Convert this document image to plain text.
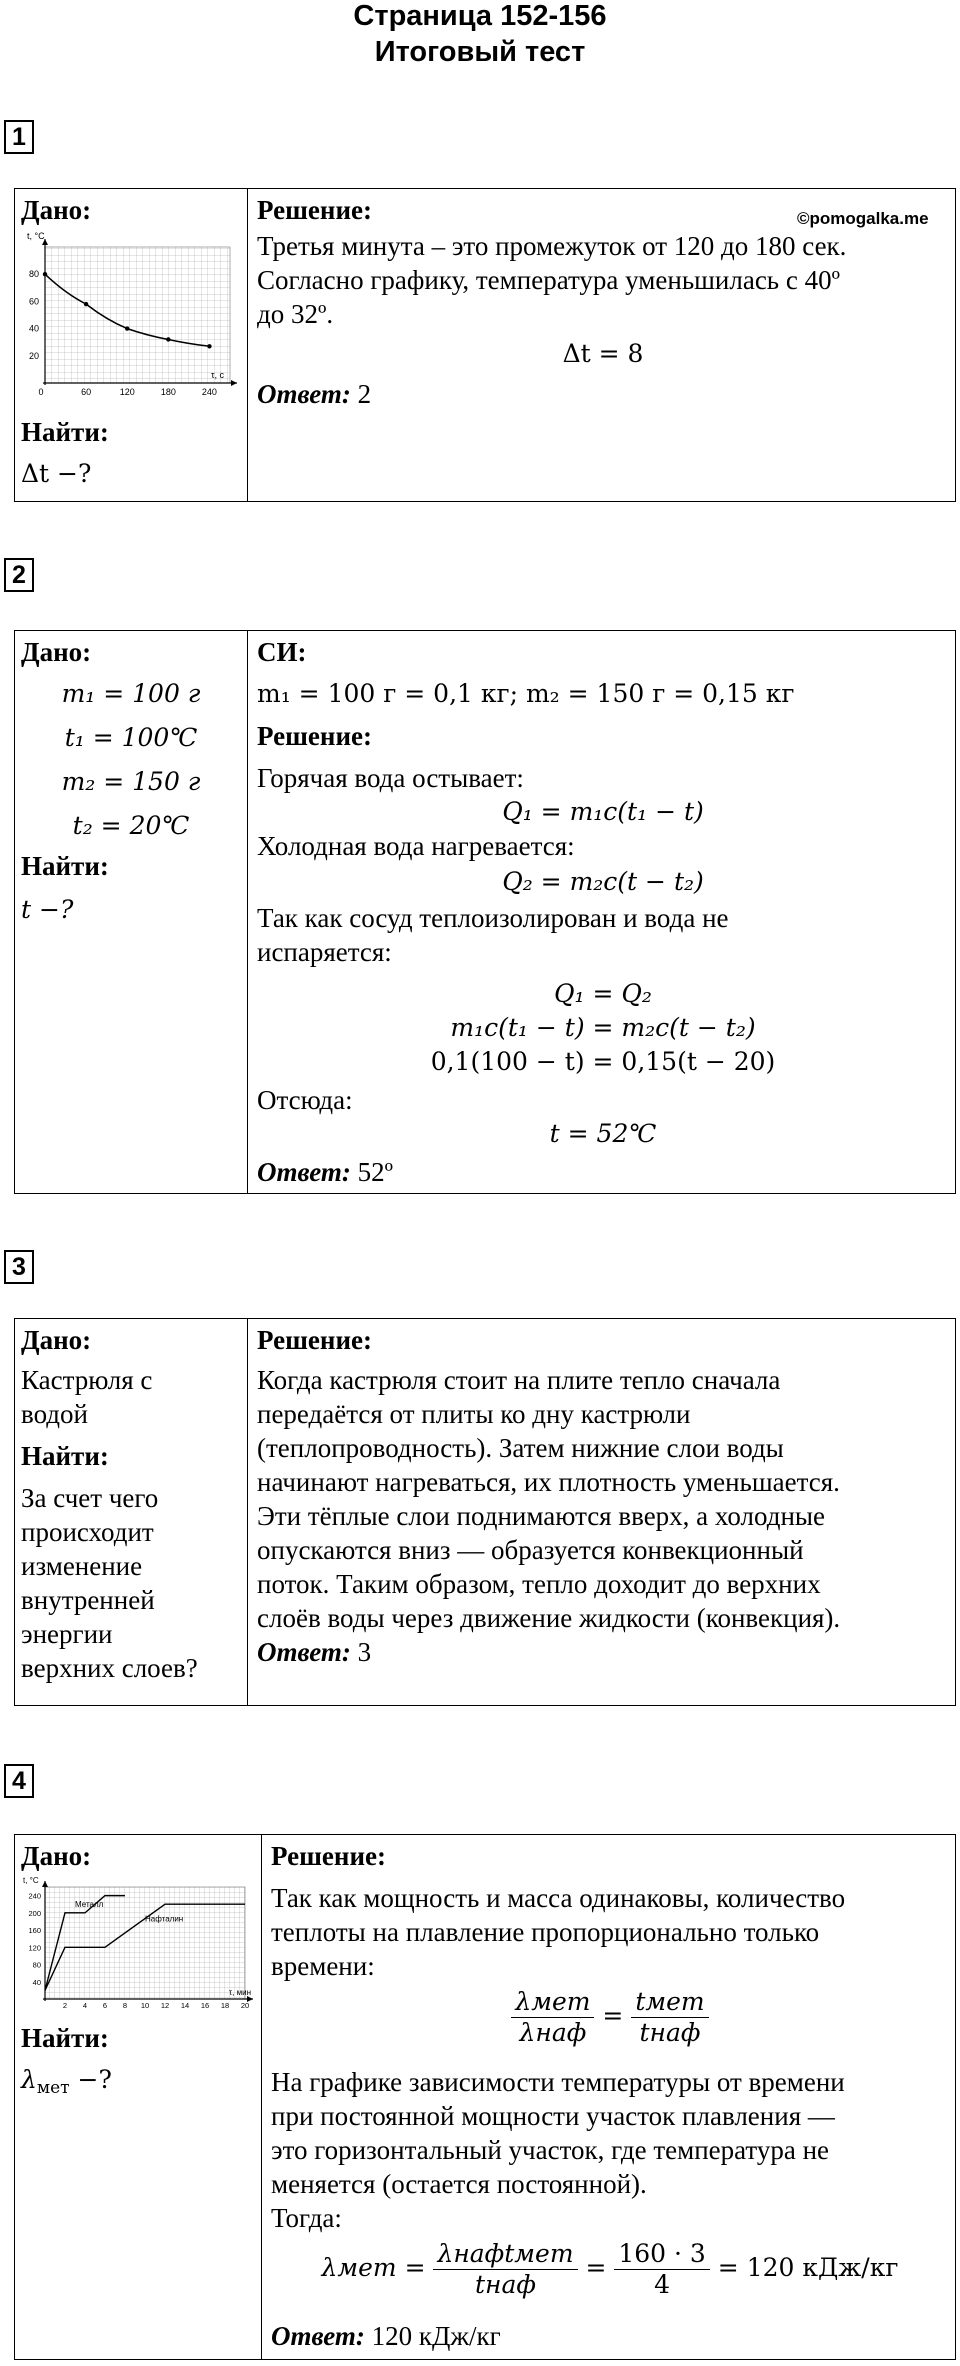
Страница 152-156
Итоговый тест
1
Дано:
t, °С
τ, с
80
60
40
20
0	60	120	180	240
Найти:
Δt −?
Решение:	©pomogalka.me
Третья минута – это промежуток от 120 до 180 сек.
Согласно графику, температура уменьшилась с 40º
до 32º.
Δt = 8
Ответ: 2
2
Дано:
m₁ = 100 г
t₁ = 100℃
m₂ = 150 г
t₂ = 20℃
Найти:
t −?
СИ:
m₁ = 100 г = 0,1 кг; m₂ = 150 г = 0,15 кг
Решение:
Горячая вода остывает:
Q₁ = m₁c(t₁ − t)
Холодная вода нагревается:
Q₂ = m₂c(t − t₂)
Так как сосуд теплоизолирован и вода не
испаряется:
Q₁ = Q₂
m₁c(t₁ − t) = m₂c(t − t₂)
0,1(100 − t) = 0,15(t − 20)
Отсюда:
t = 52℃
Ответ: 52º
3
Дано:
Кастрюля с
водой
Найти:
За счет чего
происходит
изменение
внутренней
энергии
верхних слоев?
Решение:
Когда кастрюля стоит на плите тепло сначала
передаётся от плиты ко дну кастрюли
(теплопроводность). Затем нижние слои воды
начинают нагреваться, их плотность уменьшается.
Эти тёплые слои поднимаются вверх, а холодные
опускаются вниз — образуется конвекционный
поток. Таким образом, тепло доходит до верхних
слоёв воды через движение жидкости (конвекция).
Ответ: 3
4
Дано:
t, °С
τ, мин
240
200
160
120
80
40
2 4 6 8 10 12 14 16 18 20
Металл
Нафталин
Найти:
$\lambda_{мет}$ −?
Решение:
Так как мощность и масса одинаковы, количество
теплоты на плавление пропорционально только
времени:
$\frac{\text{λмет}}{\text{λнаф}} = \frac{\text{tмет}}{\text{tнаф}}$
На графике зависимости температуры от времени
при постоянной мощности участок плавления —
это горизонтальный участок, где температура не
меняется (остается постоянной).
Тогда:
$\lambda мет = \frac{\text{λнафtмет}}{\text{tнаф}} = \frac{160 \cdot 3}{4} = 120$ кДж/кг
Ответ: 120 кДж/кг
